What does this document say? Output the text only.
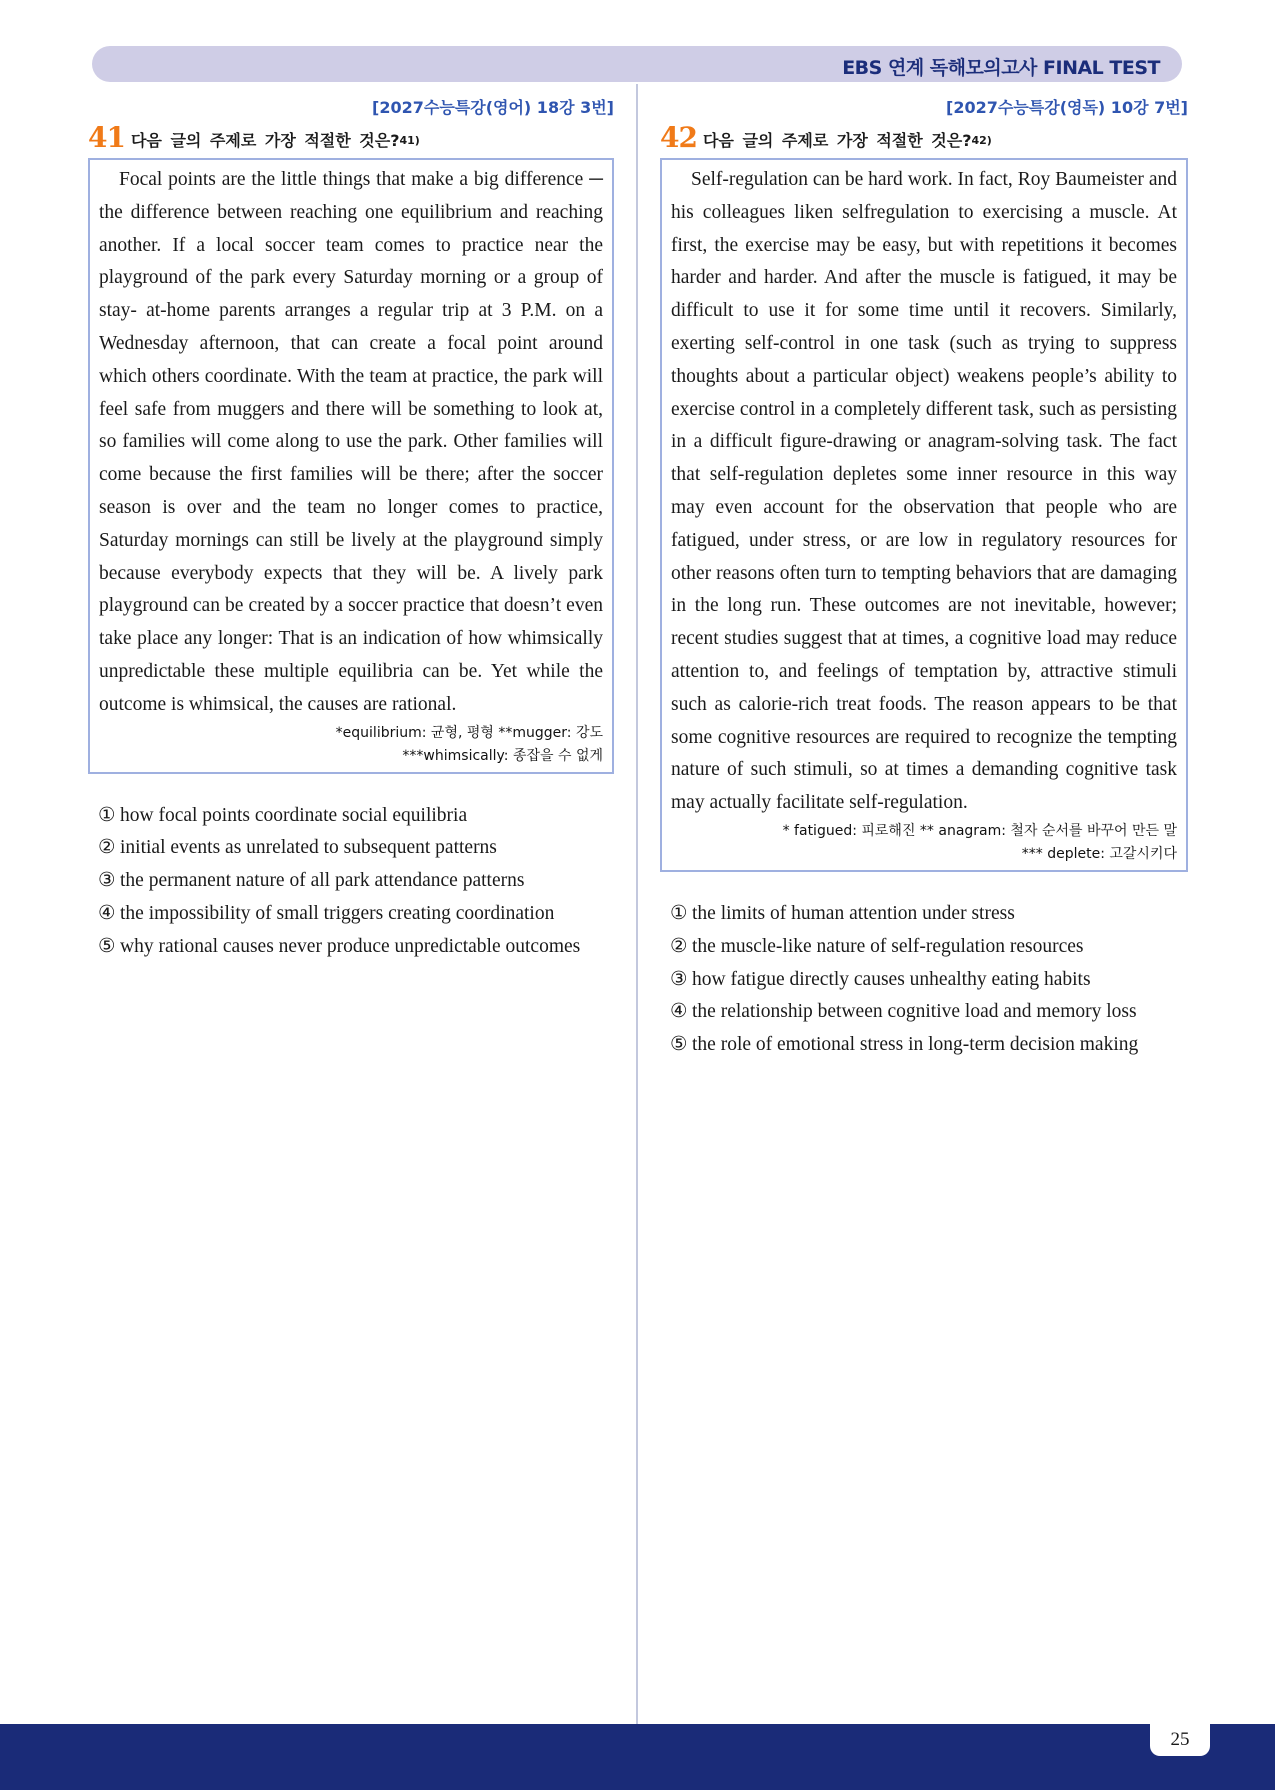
EBS 연계 독해모의고사 FINAL TEST
[2027수능특강(영어) 18강 3번]
41 다음 글의 주제로 가장 적절한 것은?$^{41)}$

Focal points are the little things that make a big difference ─ the difference between reaching one equilibrium and reaching another. If a local soccer team comes to practice near the playground of the park every Saturday morning or a group of stay- at-home parents arranges a regular trip at 3 P.M. on a Wednesday afternoon, that can create a focal point around which others coordinate. With the team at practice, the park will feel safe from muggers and there will be something to look at, so families will come along to use the park. Other families will come because the first families will be there; after the soccer season is over and the team no longer comes to practice, Saturday mornings can still be lively at the playground simply because everybody expects that they will be. A lively park playground can be created by a soccer practice that doesn’t even take place any longer: That is an indication of how whimsically unpredictable these multiple equilibria can be. Yet while the outcome is whimsical, the causes are rational.

*equilibrium: 균형, 평형 **mugger: 강도
***whimsically: 종잡을 수 없게
① how focal points coordinate social equilibria
② initial events as unrelated to subsequent patterns
③ the permanent nature of all park attendance patterns
④ the impossibility of small triggers creating coordination
⑤ why rational causes never produce unpredictable outcomes
[2027수능특강(영독) 10강 7번]
42 다음 글의 주제로 가장 적절한 것은?$^{42)}$

Self-regulation can be hard work. In fact, Roy Baumeister and his colleagues liken selfregulation to exercising a muscle. At first, the exercise may be easy, but with repetitions it becomes harder and harder. And after the muscle is fatigued, it may be difficult to use it for some time until it recovers. Similarly, exerting self-control in one task (such as trying to suppress thoughts about a particular object) weakens people’s ability to exercise control in a completely different task, such as persisting in a difficult figure-drawing or anagram-solving task. The fact that self-regulation depletes some inner resource in this way may even account for the observation that people who are fatigued, under stress, or are low in regulatory resources for other reasons often turn to tempting behaviors that are damaging in the long run. These outcomes are not inevitable, however; recent studies suggest that at times, a cognitive load may reduce attention to, and feelings of temptation by, attractive stimuli such as calorie-rich treat foods. The reason appears to be that some cognitive resources are required to recognize the tempting nature of such stimuli, so at times a demanding cognitive task may actually facilitate self-regulation.

* fatigued: 피로해진 ** anagram: 철자 순서를 바꾸어 만든 말
*** deplete: 고갈시키다
① the limits of human attention under stress
② the muscle-like nature of self-regulation resources
③ how fatigue directly causes unhealthy eating habits
④ the relationship between cognitive load and memory loss
⑤ the role of emotional stress in long-term decision making
25
